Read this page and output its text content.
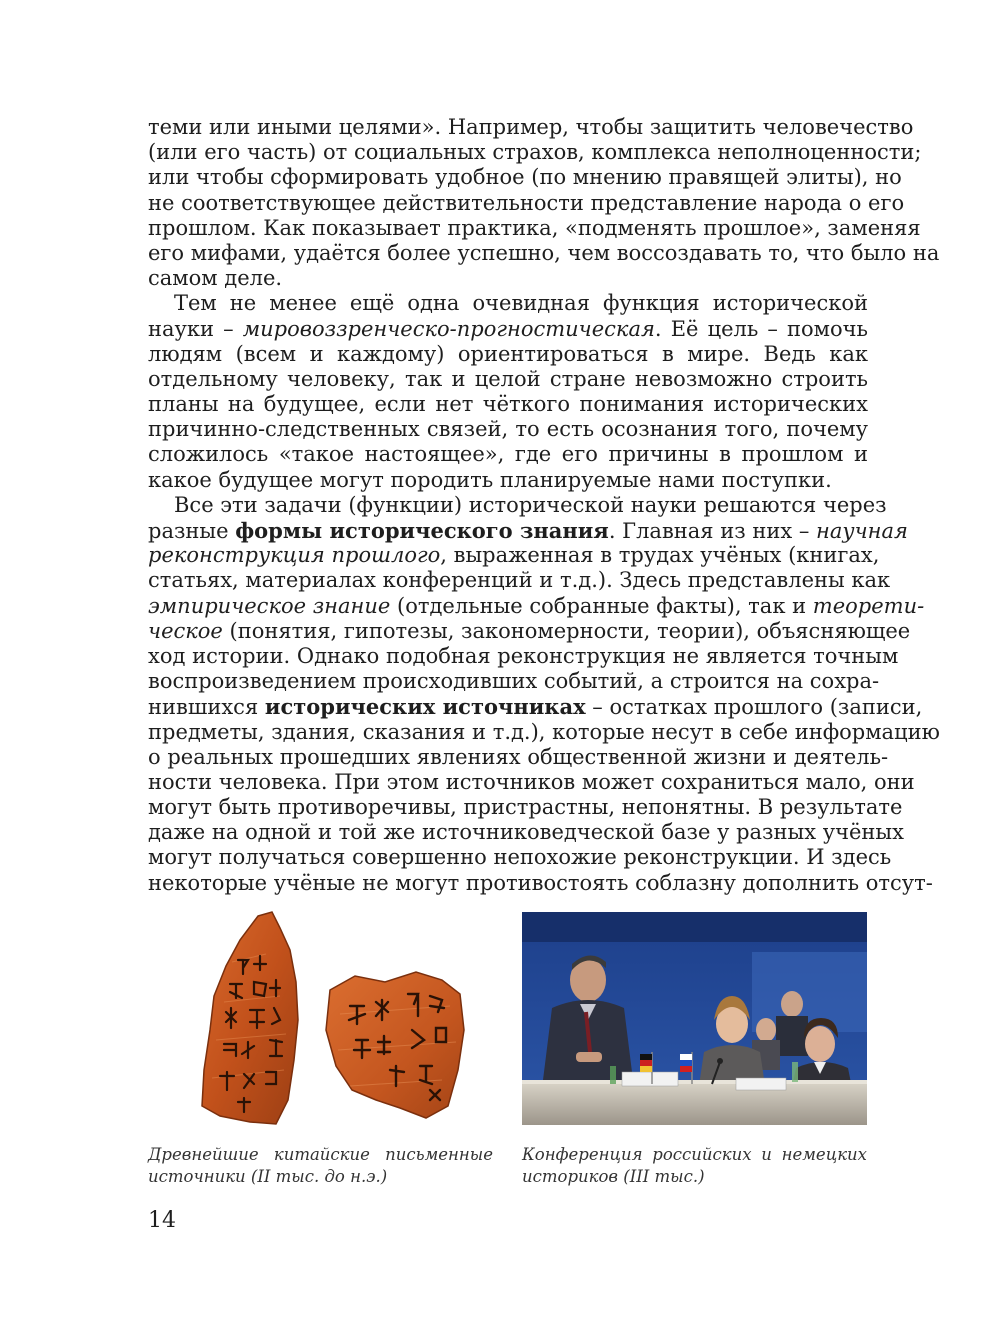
теми или иными целями». Например, чтобы защитить человечество
(или его часть) от социальных страхов, комплекса неполноценности;
или чтобы сформировать удобное (по мнению правящей элиты), но
не соответствующее действительности представление народа о его
прошлом. Как показывает практика, «подменять прошлое», заменяя
его мифами, удаётся более успешно, чем воссоздавать то, что было на
самом деле.
Тем не менее ещё одна очевидная функция исторической
науки – мировоззренческо-прогностическая. Её цель – помочь
людям (всем и каждому) ориентироваться в мире. Ведь как
отдельному человеку, так и целой стране невозможно строить
планы на будущее, если нет чёткого понимания исторических
причинно-следственных связей, то есть осознания того, почему
сложилось «такое настоящее», где его причины в прошлом и
какое будущее могут породить планируемые нами поступки.
Все эти задачи (функции) исторической науки решаются через
разные формы исторического знания. Главная из них – научная
реконструкция прошлого, выраженная в трудах учёных (книгах,
статьях, материалах конференций и т.д.). Здесь представлены как
эмпирическое знание (отдельные собранные факты), так и теорети-
ческое (понятия, гипотезы, закономерности, теории), объясняющее
ход истории. Однако подобная реконструкция не является точным
воспроизведением происходивших событий, а строится на сохра-
нившихся исторических источниках – остатках прошлого (записи,
предметы, здания, сказания и т.д.), которые несут в себе информацию
о реальных прошедших явлениях общественной жизни и деятель-
ности человека. При этом источников может сохраниться мало, они
могут быть противоречивы, пристрастны, непонятны. В результате
даже на одной и той же источниковедческой базе у разных учёных
могут получаться совершенно непохожие реконструкции. И здесь
некоторые учёные не могут противостоять соблазну дополнить отсут-
Древнейшие китайские письменные
источники (II тыс. до н.э.)
Конференция российских и немецких
историков (III тыс.)
14
